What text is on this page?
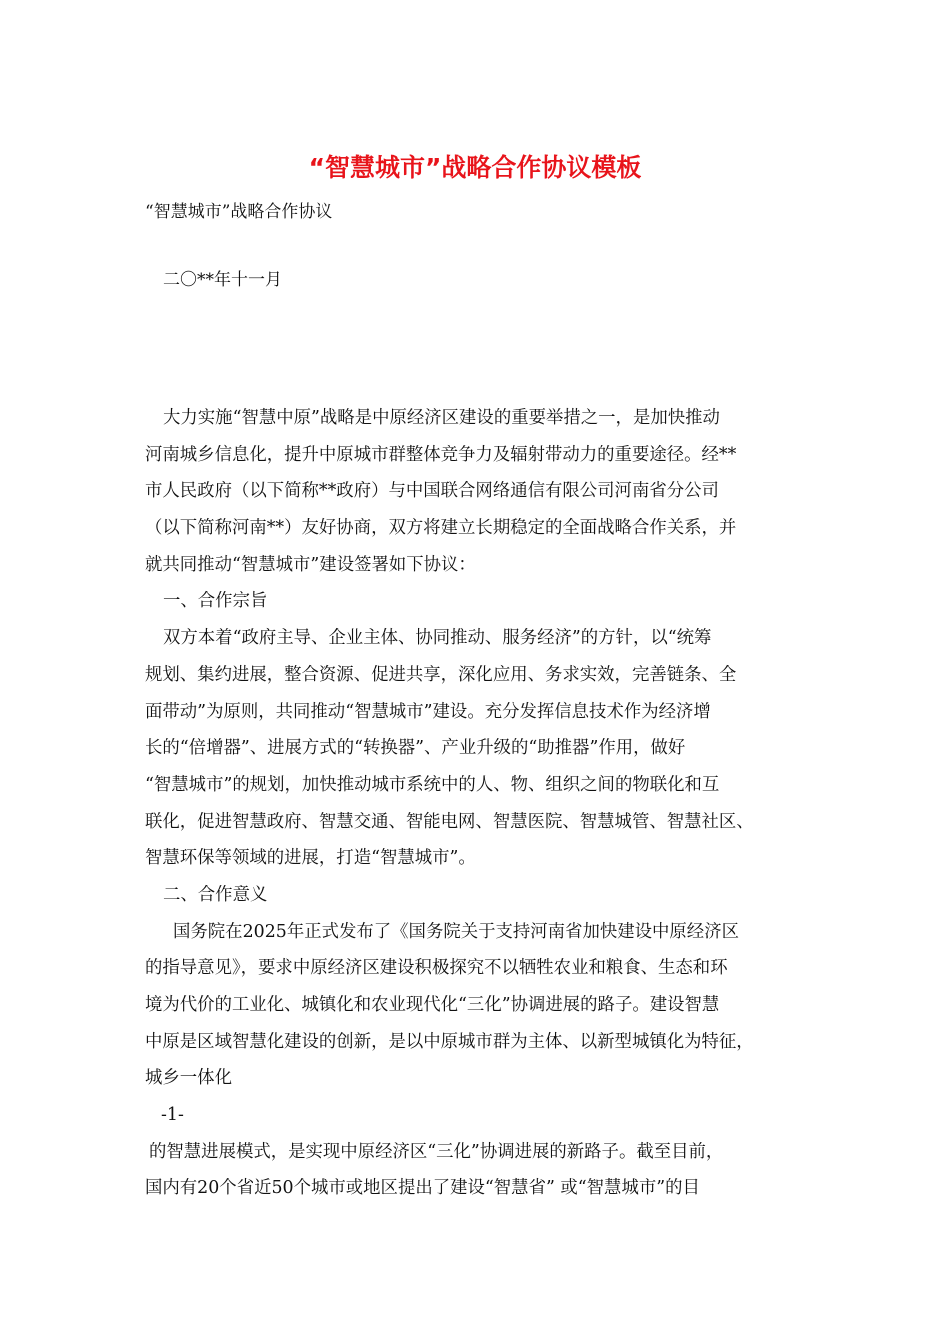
“智慧城市”战略合作协议模板

“智慧城市”战略合作协议

二〇**年十一月

大力实施“智慧中原”战略是中原经济区建设的重要举措之一，是加快推动
河南城乡信息化，提升中原城市群整体竞争力及辐射带动力的重要途径。经**
市人民政府（以下简称**政府）与中国联合网络通信有限公司河南省分公司
（以下简称河南**）友好协商，双方将建立长期稳定的全面战略合作关系，并
就共同推动“智慧城市”建设签署如下协议：
一、合作宗旨
双方本着“政府主导、企业主体、协同推动、服务经济”的方针，以“统筹
规划、集约进展，整合资源、促进共享，深化应用、务求实效，完善链条、全
面带动”为原则，共同推动“智慧城市”建设。充分发挥信息技术作为经济增
长的“倍增器”、进展方式的“转换器”、产业升级的“助推器”作用，做好
“智慧城市”的规划，加快推动城市系统中的人、物、组织之间的物联化和互
联化，促进智慧政府、智慧交通、智能电网、智慧医院、智慧城管、智慧社区、
智慧环保等领域的进展，打造“智慧城市”。
二、合作意义
国务院在2025年正式发布了《国务院关于支持河南省加快建设中原经济区
的指导意见》，要求中原经济区建设积极探究不以牺牲农业和粮食、生态和环
境为代价的工业化、城镇化和农业现代化“三化”协调进展的路子。建设智慧
中原是区域智慧化建设的创新，是以中原城市群为主体、以新型城镇化为特征，
城乡一体化
-1-
的智慧进展模式，是实现中原经济区“三化”协调进展的新路子。截至目前，
国内有20个省近50个城市或地区提出了建设“智慧省” 或“智慧城市”的目
